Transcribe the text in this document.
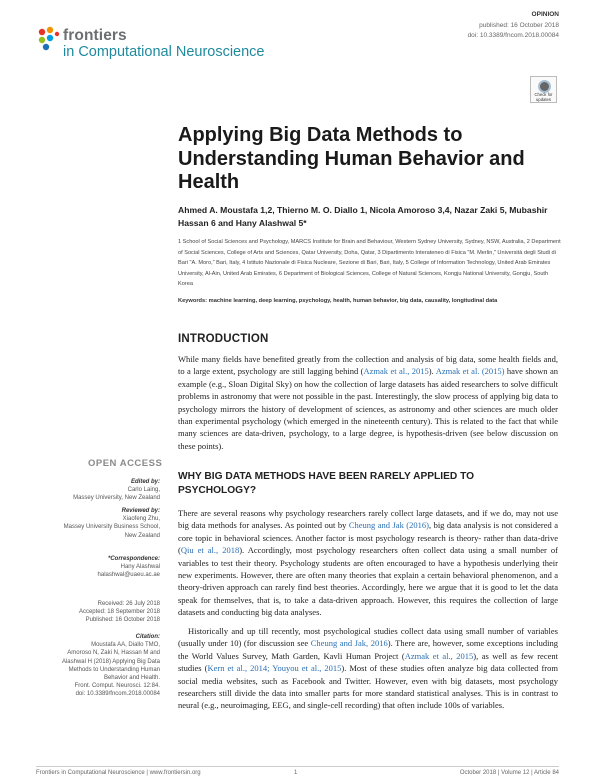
frontiers
in Computational Neuroscience
OPINION
published: 16 October 2018
doi: 10.3389/fncom.2018.00084
Check for updates
Applying Big Data Methods to Understanding Human Behavior and Health
Ahmed A. Moustafa 1,2, Thierno M. O. Diallo 1, Nicola Amoroso 3,4, Nazar Zaki 5, Mubashir Hassan 6 and Hany Alashwal 5*
1 School of Social Sciences and Psychology, MARCS Institute for Brain and Behaviour, Western Sydney University, Sydney, NSW, Australia, 2 Department of Social Sciences, College of Arts and Sciences, Qatar University, Doha, Qatar, 3 Dipartimento Interateneo di Fisica "M. Merlin," Università degli Studi di Bari "A. Moro," Bari, Italy, 4 Istituto Nazionale di Fisica Nucleare, Sezione di Bari, Bari, Italy, 5 College of Information Technology, United Arab Emirates University, Al-Ain, United Arab Emirates, 6 Department of Biological Sciences, College of Natural Sciences, Kongju National University, Gongju, South Korea
Keywords: machine learning, deep learning, psychology, health, human behavior, big data, causality, longitudinal data
OPEN ACCESS
Edited by:
Carlo Laing,
Massey University, New Zealand
Reviewed by:
Xiaofeng Zhu,
Massey University Business School,
New Zealand
*Correspondence:
Hany Alashwal
halashwal@uaeu.ac.ae
Received: 26 July 2018
Accepted: 18 September 2018
Published: 16 October 2018
Citation:
Moustafa AA, Diallo TMO,
Amoroso N, Zaki N, Hassan M and
Alashwal H (2018) Applying Big Data
Methods to Understanding Human
Behavior and Health.
Front. Comput. Neurosci. 12:84.
doi: 10.3389/fncom.2018.00084
INTRODUCTION
While many fields have benefited greatly from the collection and analysis of big data, some health fields and, to a large extent, psychology are still lagging behind (Azmak et al., 2015). Azmak et al. (2015) have shown an example (e.g., Sloan Digital Sky) on how the collection of large datasets has aided researchers to solve difficult problems in astronomy that were not possible in the past. Interestingly, the slow process of applying big data to psychology mirrors the history of development of sciences, as astronomy and other sciences are much older than experimental psychology (which emerged in the nineteenth century). This is related to the fact that while many sciences are data-driven, psychology, to a large degree, is hypothesis-driven (see below discussion on these points).
WHY BIG DATA METHODS HAVE BEEN RARELY APPLIED TO PSYCHOLOGY?
There are several reasons why psychology researchers rarely collect large datasets, and if we do, may not use big data methods for analyses. As pointed out by Cheung and Jak (2016), big data analysis is not considered a core topic in behavioral sciences. Another factor is most psychology research is theory- rather than data-drive (Qiu et al., 2018). Accordingly, most psychology researchers often collect data using a small number of variables to test their theory. Psychology students are often encouraged to have a hypothesis underlying their new experiments. However, there are often many theories that explain a certain behavioral phenomenon, and a theory-driven approach can rarely find best theories. Accordingly, here we argue that it is good to let the data speak for themselves, that is, to take a data-driven approach. However, this requires the collection of large datasets and conducting big data analyses.
Historically and up till recently, most psychological studies collect data using small number of variables (usually under 10) (for discussion see Cheung and Jak, 2016). There are, however, some exceptions including the World Values Survey, Math Garden, Kavli Human Project (Azmak et al., 2015), as well as few recent studies (Kern et al., 2014; Youyou et al., 2015). Most of these studies often analyze big data collected from social media websites, such as Facebook and Twitter. However, even with big datasets, most psychology researchers still divide the data into smaller parts for more standard statistical analyses. This is in contrast to neural (e.g., neuroimaging, EEG, and single-cell recording) that often include 100s of variables.
Frontiers in Computational Neuroscience | www.frontiersin.org	1	October 2018 | Volume 12 | Article 84
